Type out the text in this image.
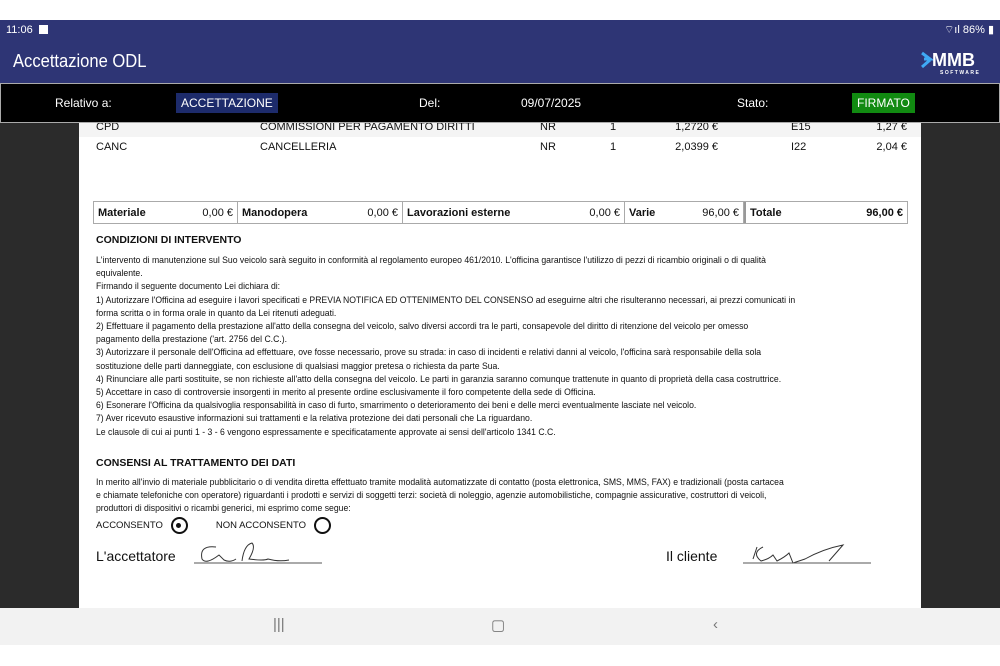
11:06	⌔ıl 86% ▮
Accettazione ODL	MMB
SOFTWARE
Relativo a:	ACCETTAZIONE	Del:	09/07/2025	Stato:	FIRMATO
CPD	COMMISSIONI PER PAGAMENTO DIRITTI	NR	1	1,2720 €	E15	1,27 €
CANC	CANCELLERIA	NR	1	2,0399 €	I22	2,04 €
Materiale	0,00 € Manodopera	0,00 € Lavorazioni esterne	0,00 € Varie	96,00 € Totale	96,00 €
CONDIZIONI DI INTERVENTO
L'intervento di manutenzione sul Suo veicolo sarà seguito in conformità al regolamento europeo 461/2010. L'officina garantisce l'utilizzo di pezzi di ricambio originali o di qualità
equivalente.
Firmando il seguente documento Lei dichiara di:
1) Autorizzare l'Officina ad eseguire i lavori specificati e PREVIA NOTIFICA ED OTTENIMENTO DEL CONSENSO ad eseguirne altri che risulteranno necessari, ai prezzi comunicati in
forma scritta o in forma orale in quanto da Lei ritenuti adeguati.
2) Effettuare il pagamento della prestazione all'atto della consegna del veicolo, salvo diversi accordi tra le parti, consapevole del diritto di ritenzione del veicolo per omesso
pagamento della prestazione ('art. 2756 del C.C.).
3) Autorizzare il personale dell'Officina ad effettuare, ove fosse necessario, prove su strada: in caso di incidenti e relativi danni al veicolo, l'officina sarà responsabile della sola
sostituzione delle parti danneggiate, con esclusione di qualsiasi maggior pretesa o richiesta da parte Sua.
4) Rinunciare alle parti sostituite, se non richieste all'atto della consegna del veicolo. Le parti in garanzia saranno comunque trattenute in quanto di proprietà della casa costruttrice.
5) Accettare in caso di controversie insorgenti in merito al presente ordine esclusivamente il foro competente della sede di Officina.
6) Esonerare l'Officina da qualsivoglia responsabilità in caso di furto, smarrimento o deterioramento dei beni e delle merci eventualmente lasciate nel veicolo.
7) Aver ricevuto esaustive informazioni sui trattamenti e la relativa protezione dei dati personali che La riguardano.
Le clausole di cui ai punti 1 - 3 - 6 vengono espressamente e specificatamente approvate ai sensi dell'articolo 1341 C.C.
CONSENSI AL TRATTAMENTO DEI DATI
In merito all'invio di materiale pubblicitario o di vendita diretta effettuato tramite modalità automatizzate di contatto (posta elettronica, SMS, MMS, FAX) e tradizionali (posta cartacea
e chiamate telefoniche con operatore) riguardanti i prodotti e servizi di soggetti terzi: società di noleggio, agenzie automobilistiche, compagnie assicurative, costruttori di veicoli,
produttori di dispositivi o ricambi generici, mi esprimo come segue:
ACCONSENTO	NON ACCONSENTO
L'accettatore	Il cliente
|||	▢	‹
